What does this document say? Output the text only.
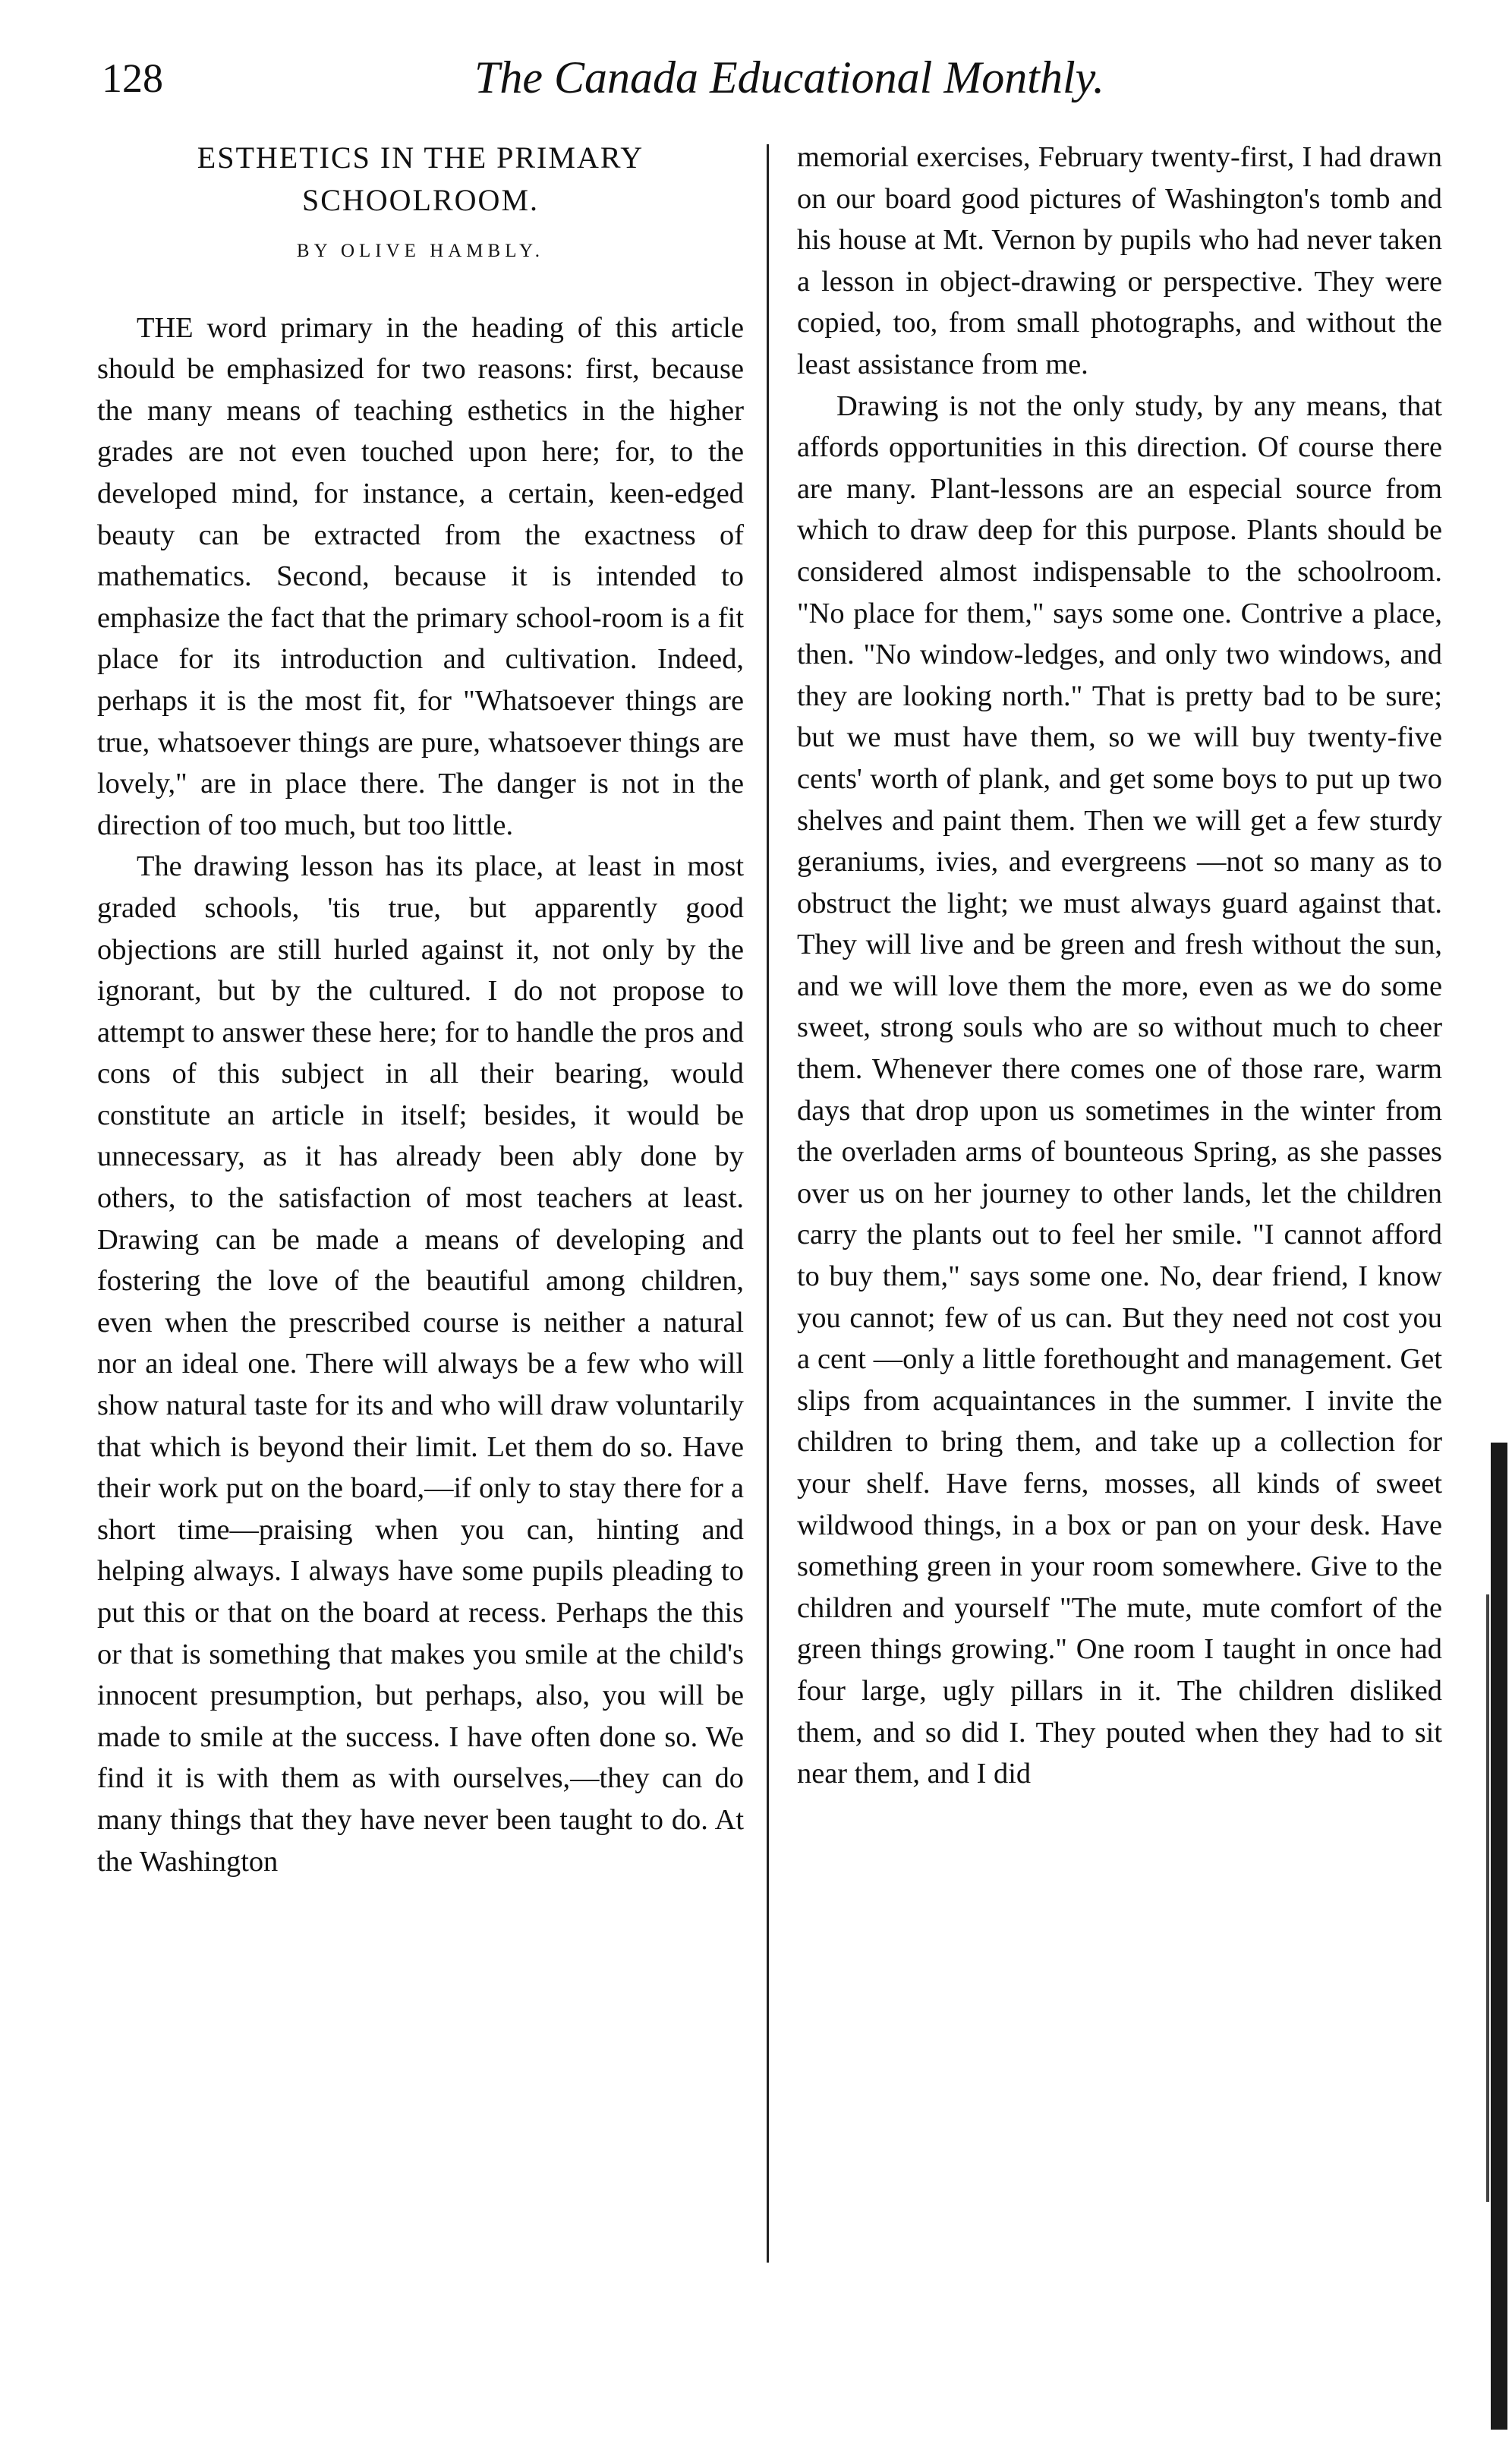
128	The Canada Educational Monthly.
ESTHETICS IN THE PRIMARY SCHOOLROOM.
BY OLIVE HAMBLY.

THE word primary in the heading of this article should be emphasized for two reasons: first, because the many means of teaching esthetics in the higher grades are not even touched upon here; for, to the developed mind, for instance, a certain, keen-edged beauty can be extracted from the exactness of mathematics. Second, because it is intended to emphasize the fact that the primary school-room is a fit place for its introduction and cultivation. Indeed, perhaps it is the most fit, for "Whatsoever things are true, whatsoever things are pure, whatsoever things are lovely," are in place there. The danger is not in the direction of too much, but too little.

The drawing lesson has its place, at least in most graded schools, 'tis true, but apparently good objections are still hurled against it, not only by the ignorant, but by the cultured. I do not propose to attempt to answer these here; for to handle the pros and cons of this subject in all their bearing, would constitute an article in itself; besides, it would be unnecessary, as it has already been ably done by others, to the satisfaction of most teachers at least. Drawing can be made a means of developing and fostering the love of the beautiful among children, even when the prescribed course is neither a natural nor an ideal one. There will always be a few who will show natural taste for its and who will draw voluntarily that which is beyond their limit. Let them do so. Have their work put on the board,—if only to stay there for a short time—praising when you can, hinting and helping always. I always have some pupils pleading to put this or that on the board at recess. Perhaps the this or that is something that makes you smile at the child's innocent presumption, but perhaps, also, you will be made to smile at the success. I have often done so. We find it is with them as with ourselves,—they can do many things that they have never been taught to do. At the Washington

memorial exercises, February twenty-first, I had drawn on our board good pictures of Washington's tomb and his house at Mt. Vernon by pupils who had never taken a lesson in object-drawing or perspective. They were copied, too, from small photographs, and without the least assistance from me.

Drawing is not the only study, by any means, that affords opportunities in this direction. Of course there are many. Plant-lessons are an especial source from which to draw deep for this purpose. Plants should be considered almost indispensable to the schoolroom. "No place for them," says some one. Contrive a place, then. "No window-ledges, and only two windows, and they are looking north." That is pretty bad to be sure; but we must have them, so we will buy twenty-five cents' worth of plank, and get some boys to put up two shelves and paint them. Then we will get a few sturdy geraniums, ivies, and evergreens —not so many as to obstruct the light; we must always guard against that. They will live and be green and fresh without the sun, and we will love them the more, even as we do some sweet, strong souls who are so without much to cheer them. Whenever there comes one of those rare, warm days that drop upon us sometimes in the winter from the overladen arms of bounteous Spring, as she passes over us on her journey to other lands, let the children carry the plants out to feel her smile. "I cannot afford to buy them," says some one. No, dear friend, I know you cannot; few of us can. But they need not cost you a cent —only a little forethought and management. Get slips from acquaintances in the summer. I invite the children to bring them, and take up a collection for your shelf. Have ferns, mosses, all kinds of sweet wildwood things, in a box or pan on your desk. Have something green in your room somewhere. Give to the children and yourself "The mute, mute comfort of the green things growing." One room I taught in once had four large, ugly pillars in it. The children disliked them, and so did I. They pouted when they had to sit near them, and I did
